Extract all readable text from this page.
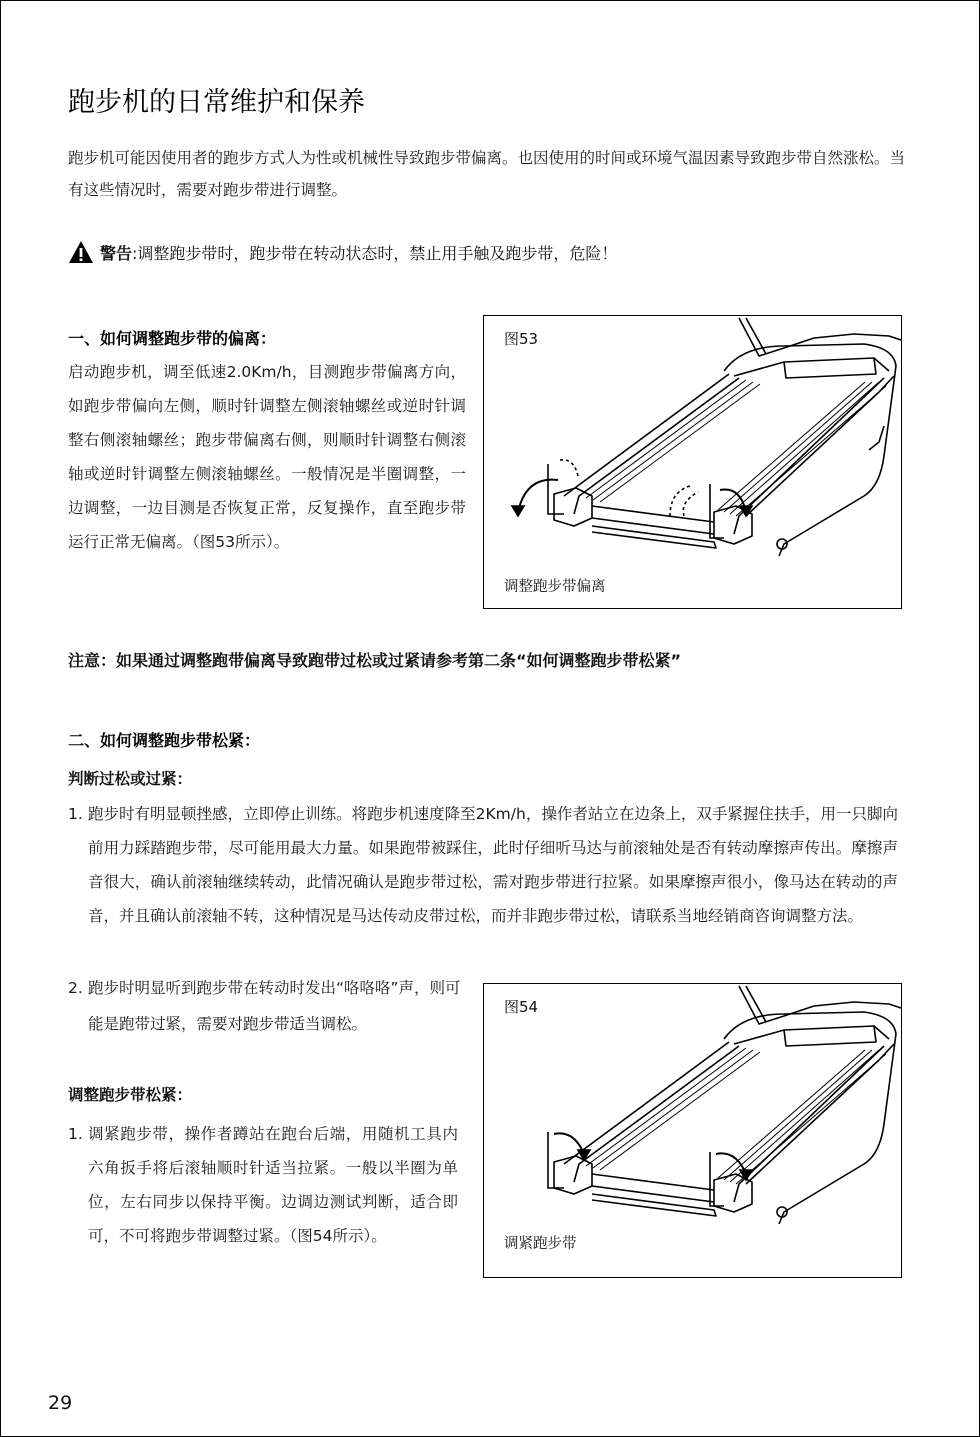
跑步机的日常维护和保养
跑步机可能因使用者的跑步方式人为性或机械性导致跑步带偏离。也因使用的时间或环境气温因素导致跑步带自然涨松。当有这些情况时，需要对跑步带进行调整。
警告 :调整跑步带时，跑步带在转动状态时，禁止用手触及跑步带，危险！
一、如何调整跑步带的偏离：
启动跑步机，调至低速2.0Km/h，目测跑步带偏离方向，如跑步带偏向左侧，顺时针调整左侧滚轴螺丝或逆时针调整右侧滚轴螺丝；跑步带偏离右侧，则顺时针调整右侧滚轴或逆时针调整左侧滚轴螺丝。一般情况是半圈调整，一边调整，一边目测是否恢复正常，反复操作，直至跑步带运行正常无偏离。（图53所示）。
图53
调整跑步带偏离
注意：如果通过调整跑带偏离导致跑带过松或过紧请参考第二条“如何调整跑步带松紧”
二、如何调整跑步带松紧：
判断过松或过紧：
1. 跑步时有明显顿挫感，立即停止训练。将跑步机速度降至2Km/h，操作者站立在边条上，双手紧握住扶手，用一只脚向前用力踩踏跑步带，尽可能用最大力量。如果跑带被踩住，此时仔细听马达与前滚轴处是否有转动摩擦声传出。摩擦声音很大，确认前滚轴继续转动，此情况确认是跑步带过松，需对跑步带进行拉紧。如果摩擦声很小，像马达在转动的声音，并且确认前滚轴不转，这种情况是马达传动皮带过松，而并非跑步带过松，请联系当地经销商咨询调整方法。
2. 跑步时明显听到跑步带在转动时发出“咯咯咯”声，则可能是跑带过紧，需要对跑步带适当调松。
图54
调紧跑步带
调整跑步带松紧：
1. 调紧跑步带，操作者蹲站在跑台后端，用随机工具内六角扳手将后滚轴顺时针适当拉紧。一般以半圈为单位，左右同步以保持平衡。边调边测试判断，适合即可，不可将跑步带调整过紧。（图54所示）。
29
